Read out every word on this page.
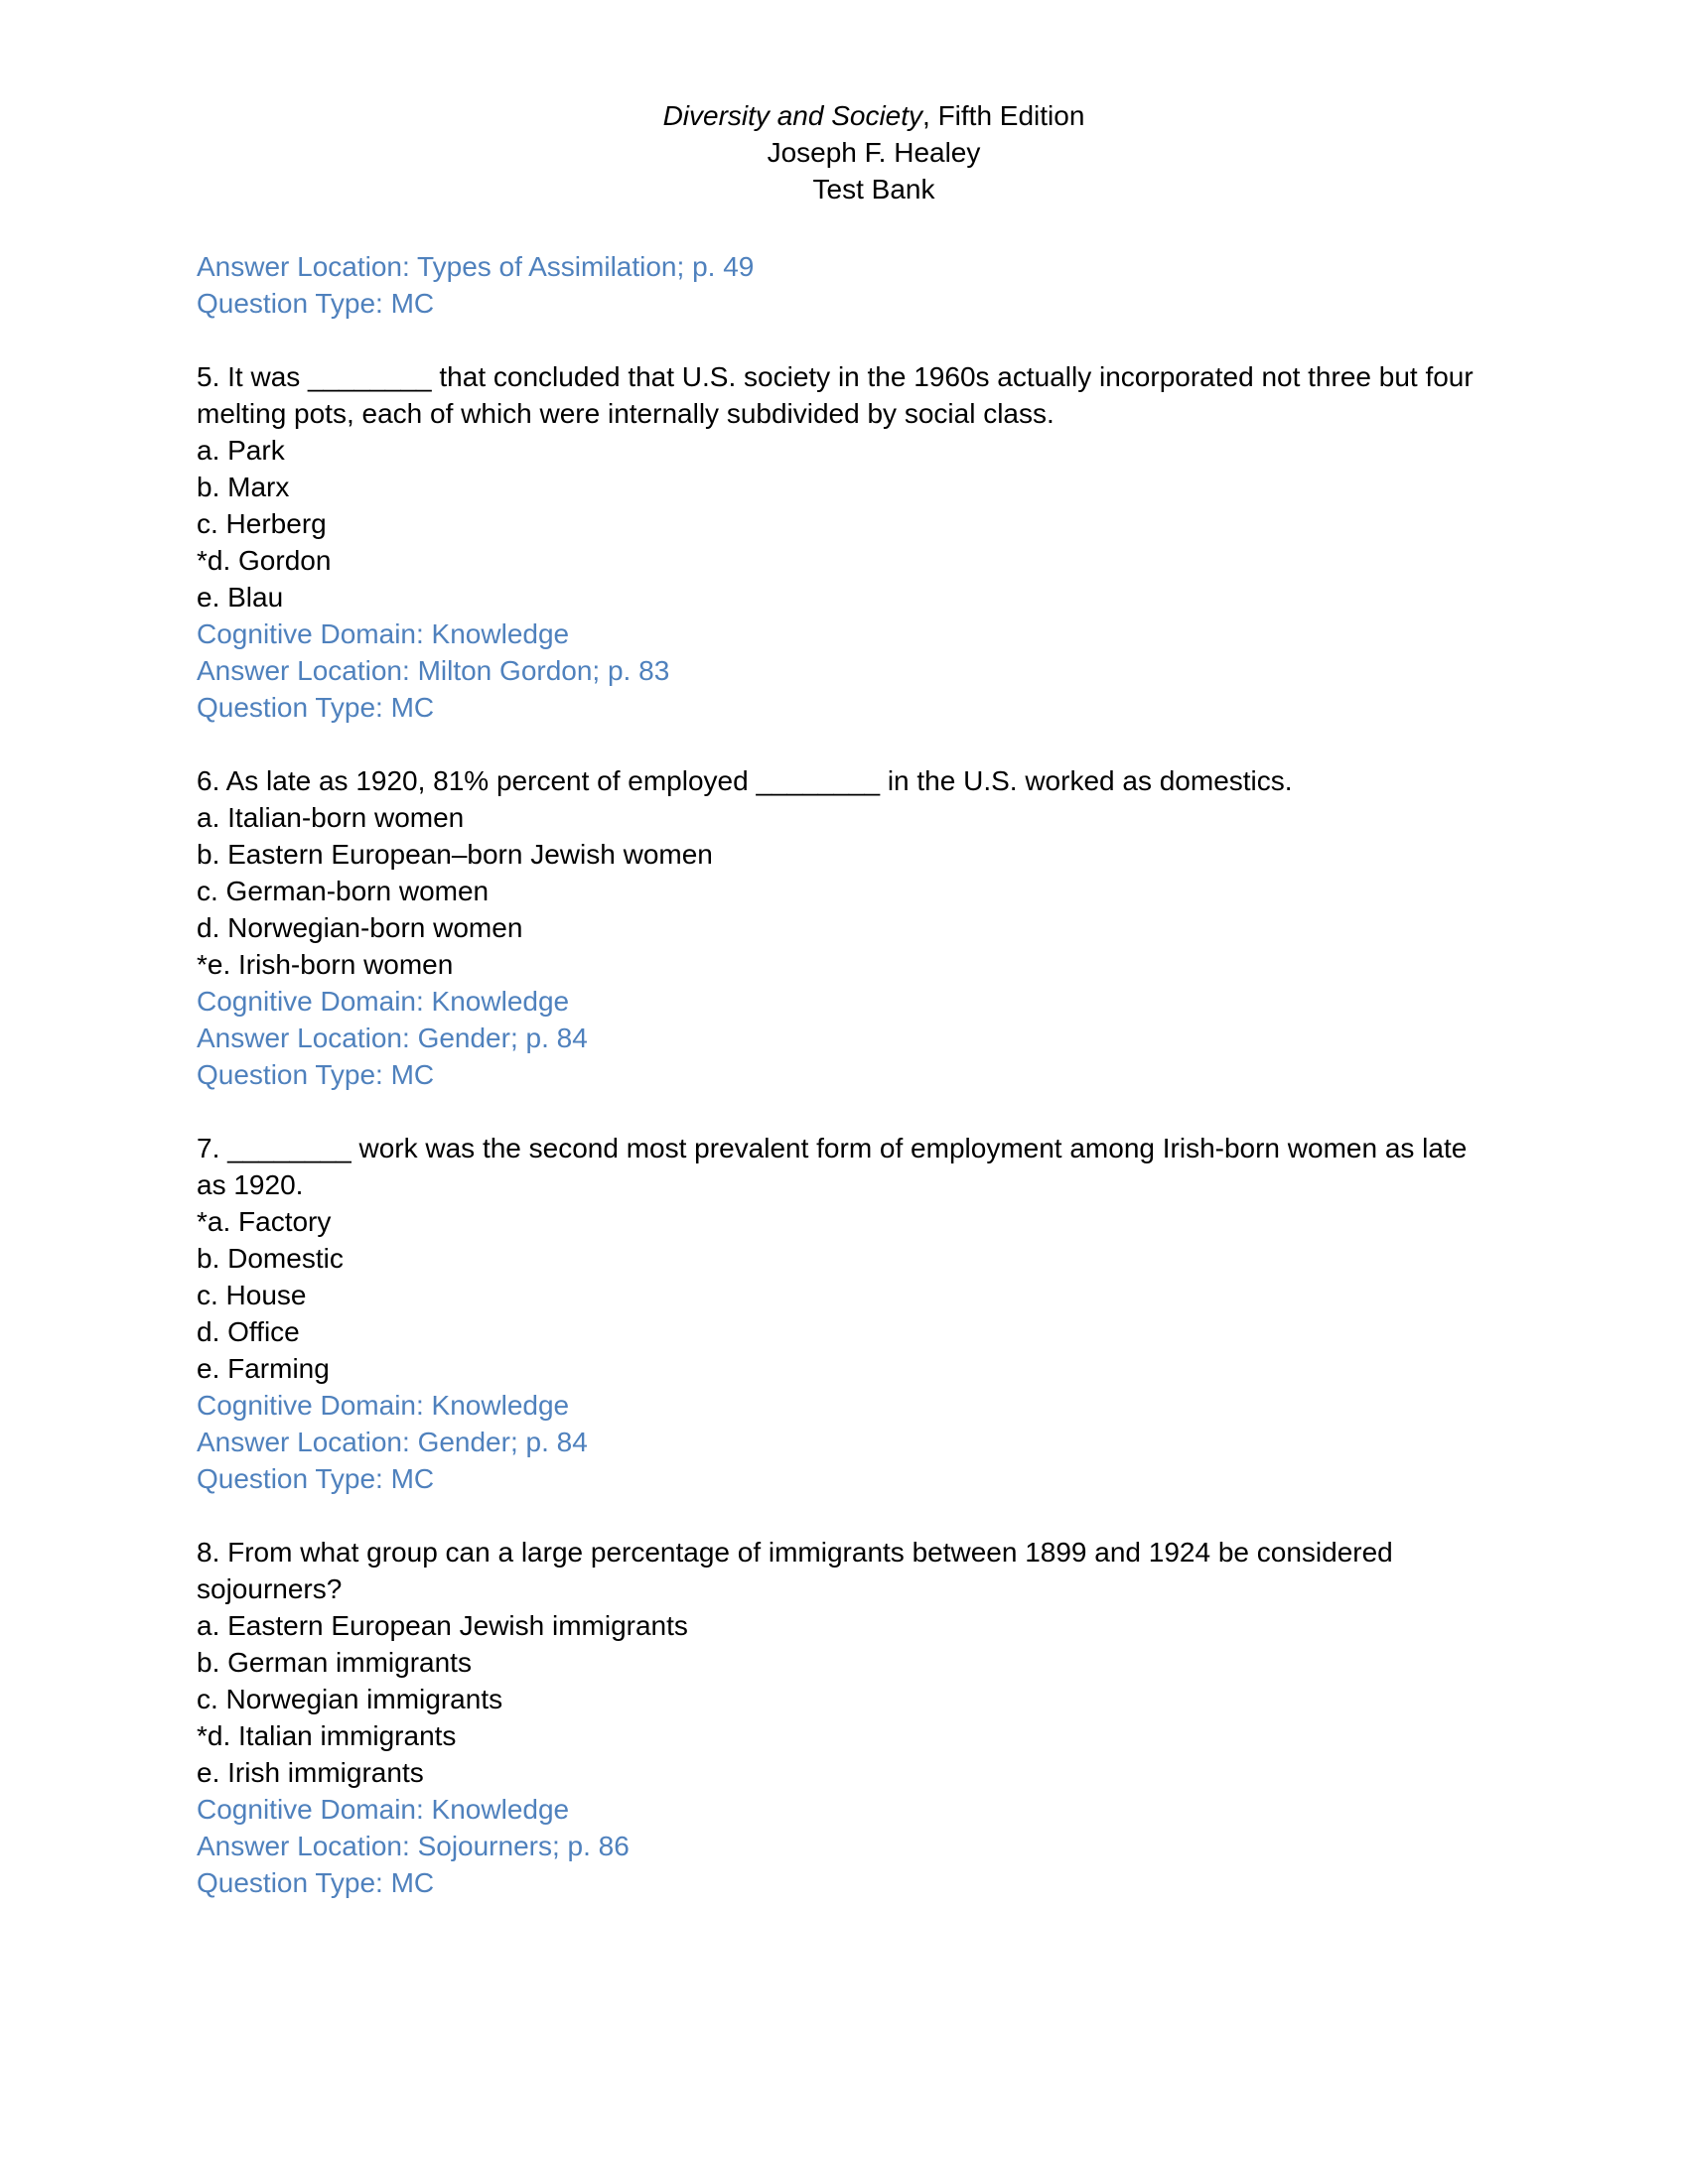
Diversity and Society, Fifth Edition
Joseph F. Healey
Test Bank
Answer Location: Types of Assimilation; p. 49
Question Type: MC
5. It was ________ that concluded that U.S. society in the 1960s actually incorporated not three but four melting pots, each of which were internally subdivided by social class.
a. Park
b. Marx
c. Herberg
*d. Gordon
e. Blau
Cognitive Domain: Knowledge
Answer Location: Milton Gordon; p. 83
Question Type: MC
6. As late as 1920, 81% percent of employed ________ in the U.S. worked as domestics.
a. Italian-born women
b. Eastern European–born Jewish women
c. German-born women
d. Norwegian-born women
*e. Irish-born women
Cognitive Domain: Knowledge
Answer Location: Gender; p. 84
Question Type: MC
7. ________ work was the second most prevalent form of employment among Irish-born women as late as 1920.
*a. Factory
b. Domestic
c. House
d. Office
e. Farming
Cognitive Domain: Knowledge
Answer Location: Gender; p. 84
Question Type: MC
8. From what group can a large percentage of immigrants between 1899 and 1924 be considered sojourners?
a. Eastern European Jewish immigrants
b. German immigrants
c. Norwegian immigrants
*d. Italian immigrants
e. Irish immigrants
Cognitive Domain: Knowledge
Answer Location: Sojourners; p. 86
Question Type: MC
